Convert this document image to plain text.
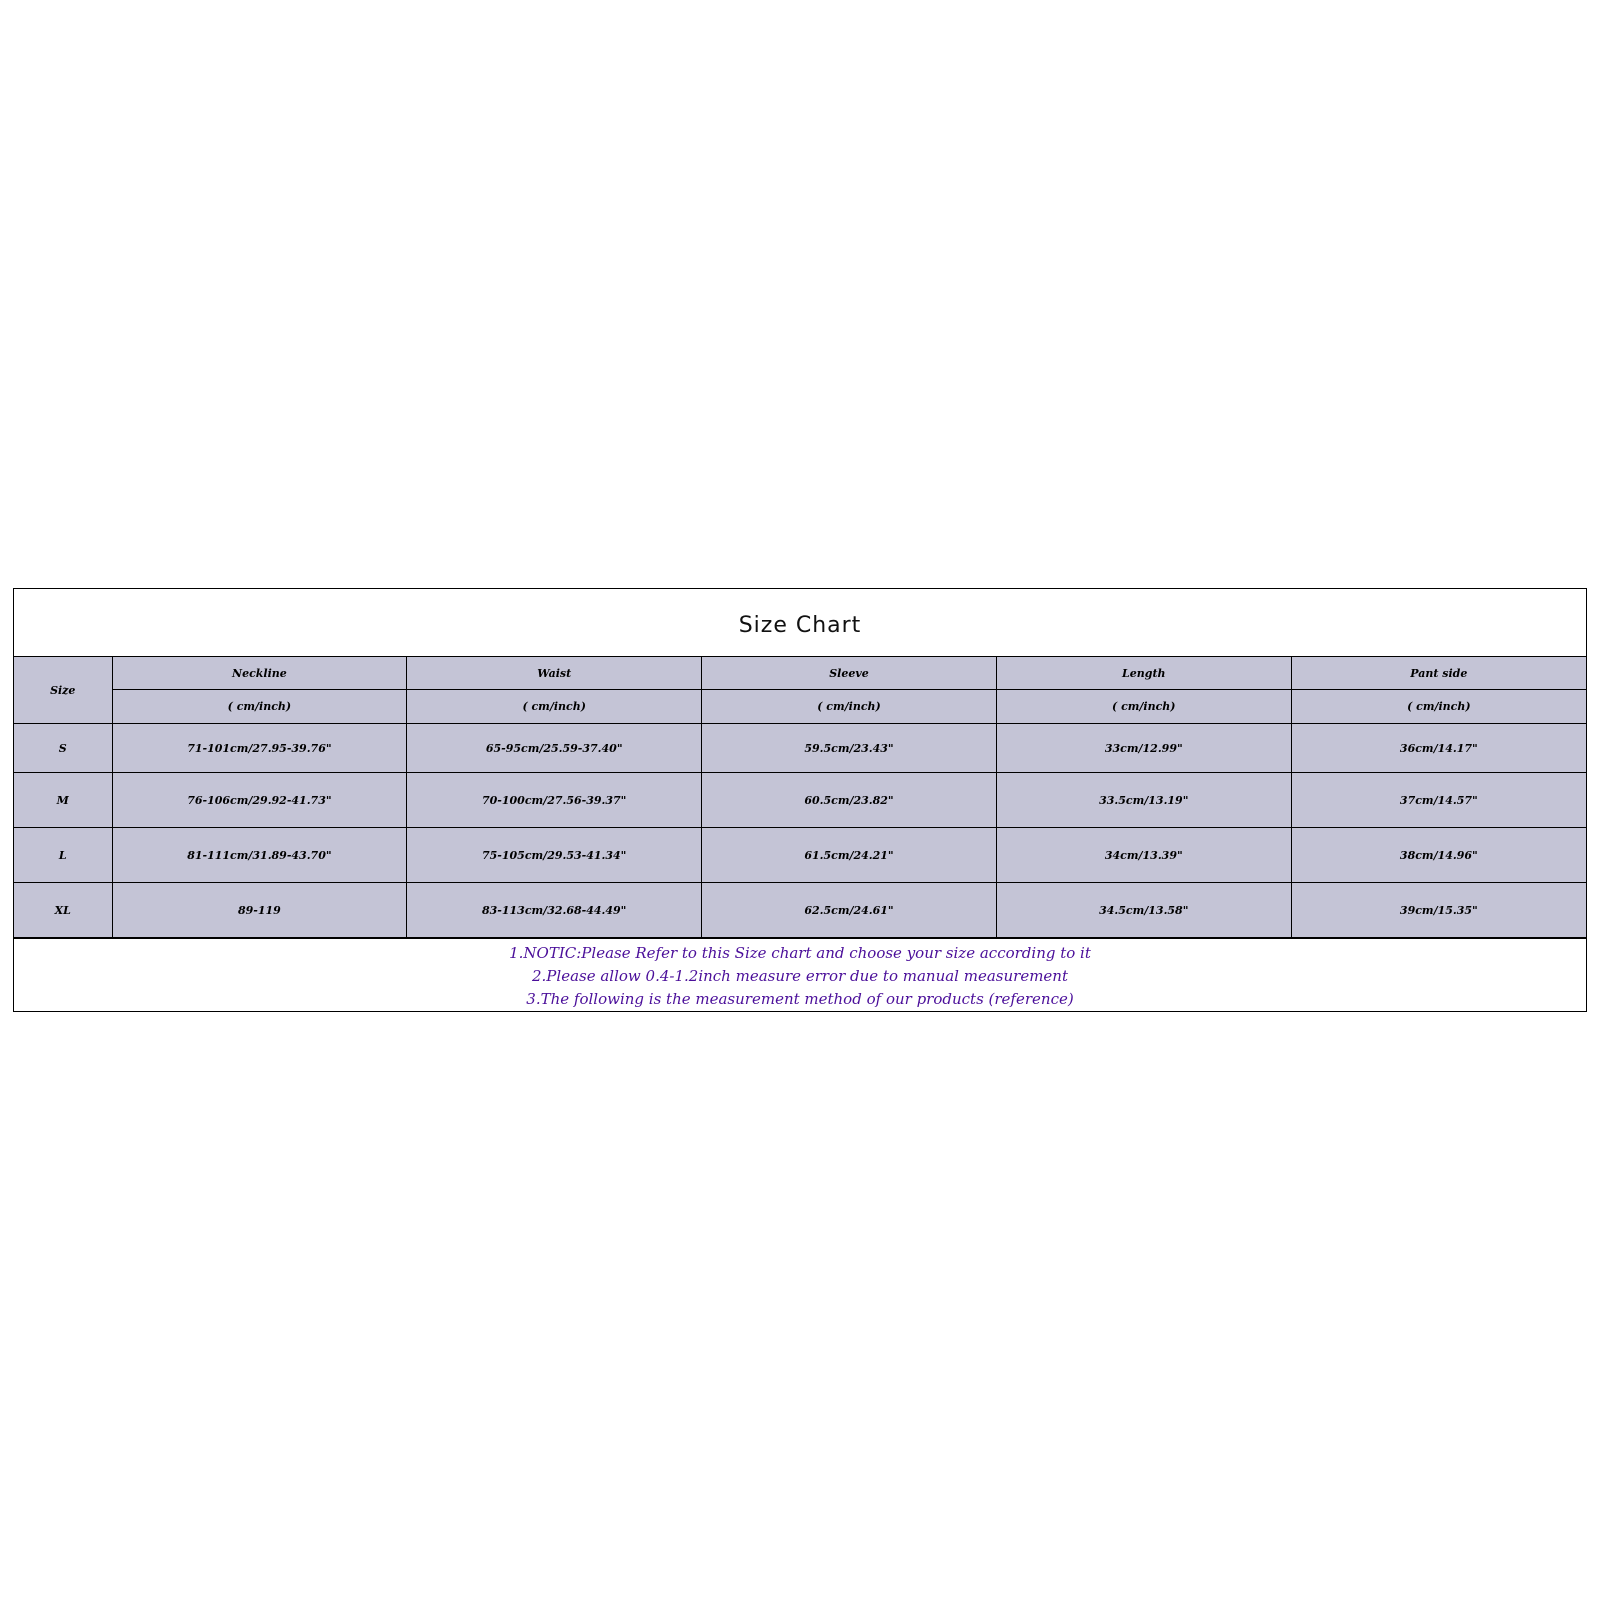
Size Chart
Size	Neckline	Waist	Sleeve	Length	Pant side
	( cm/inch)	( cm/inch)	( cm/inch)	( cm/inch)	( cm/inch)
S	71-101cm/27.95-39.76"	65-95cm/25.59-37.40"	59.5cm/23.43"	33cm/12.99"	36cm/14.17"
M	76-106cm/29.92-41.73"	70-100cm/27.56-39.37"	60.5cm/23.82"	33.5cm/13.19"	37cm/14.57"
L	81-111cm/31.89-43.70"	75-105cm/29.53-41.34"	61.5cm/24.21"	34cm/13.39"	38cm/14.96"
XL	89-119	83-113cm/32.68-44.49"	62.5cm/24.61"	34.5cm/13.58"	39cm/15.35"
1.NOTIC:Please Refer to this Size chart and choose your size according to it
2.Please allow 0.4-1.2inch measure error due to manual measurement
3.The following is the measurement method of our products (reference)
